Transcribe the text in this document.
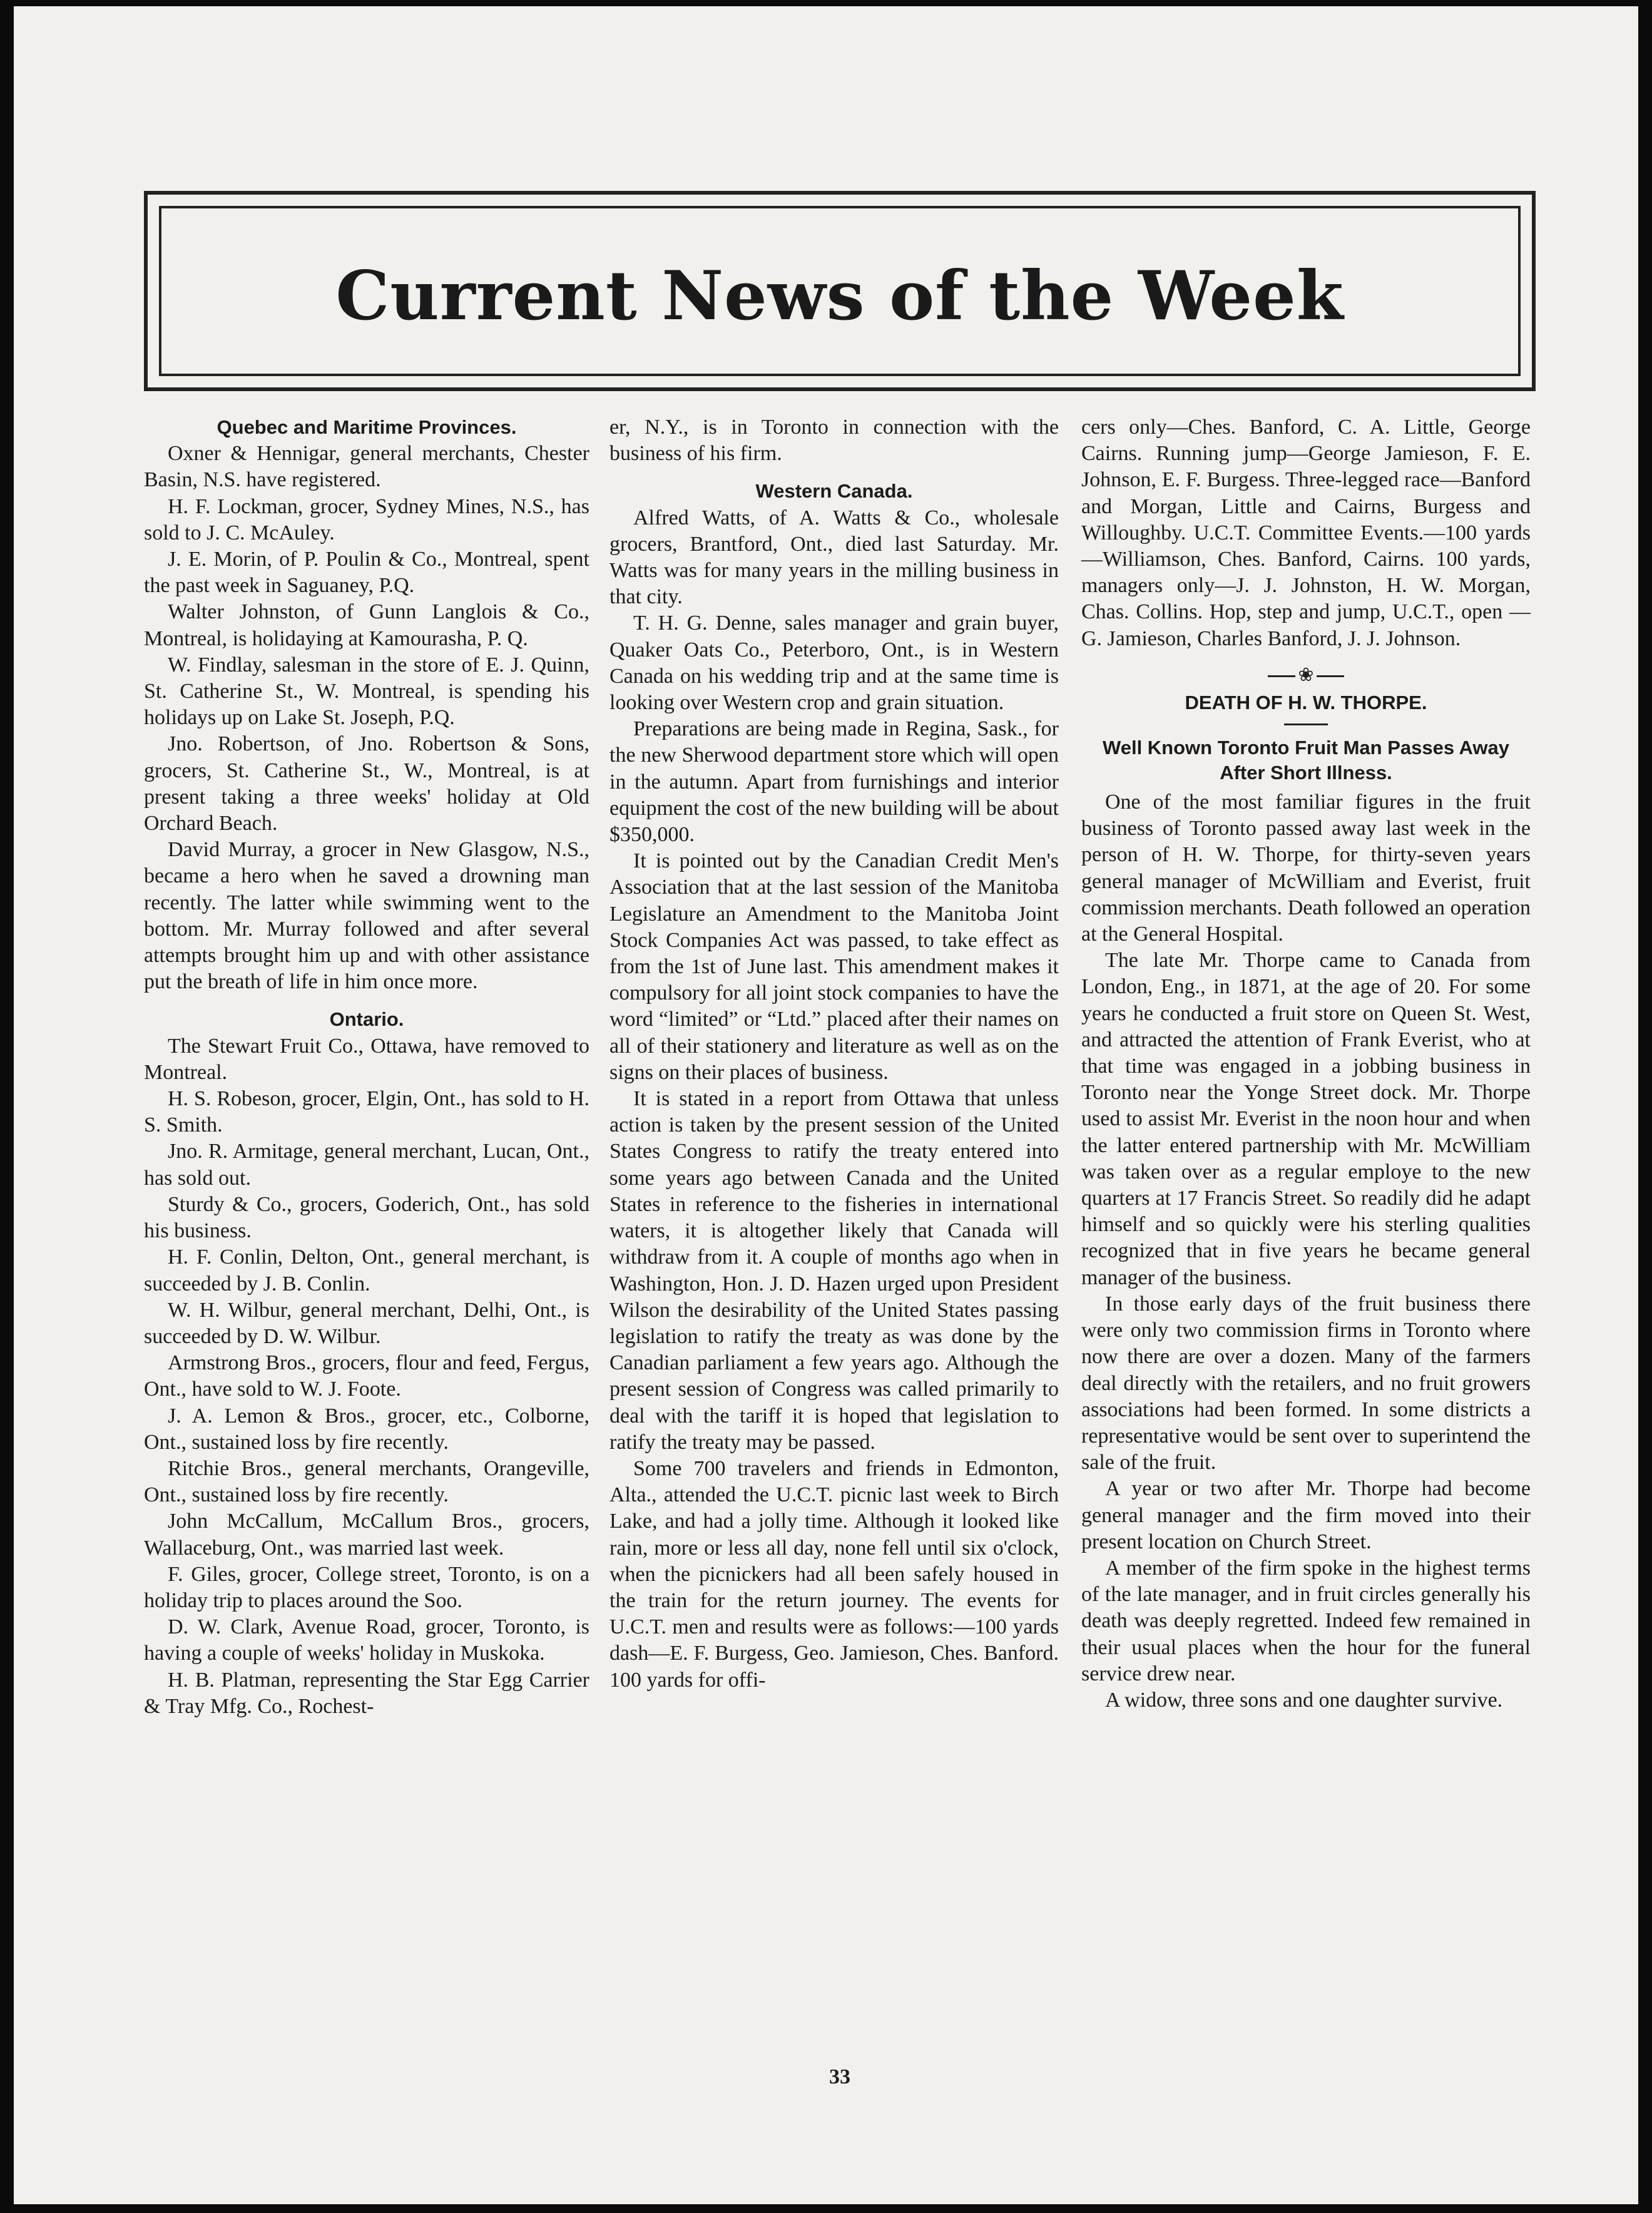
Current News of the Week
Quebec and Maritime Provinces.

Oxner & Hennigar, general merchants, Chester Basin, N.S. have registered.

H. F. Lockman, grocer, Sydney Mines, N.S., has sold to J. C. McAuley.

J. E. Morin, of P. Poulin & Co., Montreal, spent the past week in Saguaney, P.Q.

Walter Johnston, of Gunn Langlois & Co., Montreal, is holidaying at Kamourasha, P. Q.

W. Findlay, salesman in the store of E. J. Quinn, St. Catherine St., W. Montreal, is spending his holidays up on Lake St. Joseph, P.Q.

Jno. Robertson, of Jno. Robertson & Sons, grocers, St. Catherine St., W., Montreal, is at present taking a three weeks' holiday at Old Orchard Beach.

David Murray, a grocer in New Glasgow, N.S., became a hero when he saved a drowning man recently. The latter while swimming went to the bottom. Mr. Murray followed and after several attempts brought him up and with other assistance put the breath of life in him once more.

Ontario.

The Stewart Fruit Co., Ottawa, have removed to Montreal.

H. S. Robeson, grocer, Elgin, Ont., has sold to H. S. Smith.

Jno. R. Armitage, general merchant, Lucan, Ont., has sold out.

Sturdy & Co., grocers, Goderich, Ont., has sold his business.

H. F. Conlin, Delton, Ont., general merchant, is succeeded by J. B. Conlin.

W. H. Wilbur, general merchant, Delhi, Ont., is succeeded by D. W. Wilbur.

Armstrong Bros., grocers, flour and feed, Fergus, Ont., have sold to W. J. Foote.

J. A. Lemon & Bros., grocer, etc., Colborne, Ont., sustained loss by fire recently.

Ritchie Bros., general merchants, Orangeville, Ont., sustained loss by fire recently.

John McCallum, McCallum Bros., grocers, Wallaceburg, Ont., was married last week.

F. Giles, grocer, College street, Toronto, is on a holiday trip to places around the Soo.

D. W. Clark, Avenue Road, grocer, Toronto, is having a couple of weeks' holiday in Muskoka.

H. B. Platman, representing the Star Egg Carrier & Tray Mfg. Co., Rochest-

er, N.Y., is in Toronto in connection with the business of his firm.

Western Canada.

Alfred Watts, of A. Watts & Co., wholesale grocers, Brantford, Ont., died last Saturday. Mr. Watts was for many years in the milling business in that city.

T. H. G. Denne, sales manager and grain buyer, Quaker Oats Co., Peterboro, Ont., is in Western Canada on his wedding trip and at the same time is looking over Western crop and grain situation.

Preparations are being made in Regina, Sask., for the new Sherwood department store which will open in the autumn. Apart from furnishings and interior equipment the cost of the new building will be about $350,000.

It is pointed out by the Canadian Credit Men's Association that at the last session of the Manitoba Legislature an Amendment to the Manitoba Joint Stock Companies Act was passed, to take effect as from the 1st of June last. This amendment makes it compulsory for all joint stock companies to have the word “limited” or “Ltd.” placed after their names on all of their stationery and literature as well as on the signs on their places of business.

It is stated in a report from Ottawa that unless action is taken by the present session of the United States Congress to ratify the treaty entered into some years ago between Canada and the United States in reference to the fisheries in international waters, it is altogether likely that Canada will withdraw from it. A couple of months ago when in Washington, Hon. J. D. Hazen urged upon President Wilson the desirability of the United States passing legislation to ratify the treaty as was done by the Canadian parliament a few years ago. Although the present session of Congress was called primarily to deal with the tariff it is hoped that legislation to ratify the treaty may be passed.

Some 700 travelers and friends in Edmonton, Alta., attended the U.C.T. picnic last week to Birch Lake, and had a jolly time. Although it looked like rain, more or less all day, none fell until six o'clock, when the picnickers had all been safely housed in the train for the return journey. The events for U.C.T. men and results were as follows:—100 yards dash—E. F. Burgess, Geo. Jamieson, Ches. Banford. 100 yards for offi-

cers only—Ches. Banford, C. A. Little, George Cairns. Running jump—George Jamieson, F. E. Johnson, E. F. Burgess. Three-legged race—Banford and Morgan, Little and Cairns, Burgess and Willoughby. U.C.T. Committee Events.—100 yards—Williamson, Ches. Banford, Cairns. 100 yards, managers only—J. J. Johnston, H. W. Morgan, Chas. Collins. Hop, step and jump, U.C.T., open —G. Jamieson, Charles Banford, J. J. Johnson.

❀
DEATH OF H. W. THORPE.
Well Known Toronto Fruit Man Passes Away After Short Illness.

One of the most familiar figures in the fruit business of Toronto passed away last week in the person of H. W. Thorpe, for thirty-seven years general manager of McWilliam and Everist, fruit commission merchants. Death followed an operation at the General Hospital.

The late Mr. Thorpe came to Canada from London, Eng., in 1871, at the age of 20. For some years he conducted a fruit store on Queen St. West, and attracted the attention of Frank Everist, who at that time was engaged in a jobbing business in Toronto near the Yonge Street dock. Mr. Thorpe used to assist Mr. Everist in the noon hour and when the latter entered partnership with Mr. McWilliam was taken over as a regular employe to the new quarters at 17 Francis Street. So readily did he adapt himself and so quickly were his sterling qualities recognized that in five years he became general manager of the business.

In those early days of the fruit business there were only two commission firms in Toronto where now there are over a dozen. Many of the farmers deal directly with the retailers, and no fruit growers associations had been formed. In some districts a representative would be sent over to superintend the sale of the fruit.

A year or two after Mr. Thorpe had become general manager and the firm moved into their present location on Church Street.

A member of the firm spoke in the highest terms of the late manager, and in fruit circles generally his death was deeply regretted. Indeed few remained in their usual places when the hour for the funeral service drew near.

A widow, three sons and one daughter survive.

33
